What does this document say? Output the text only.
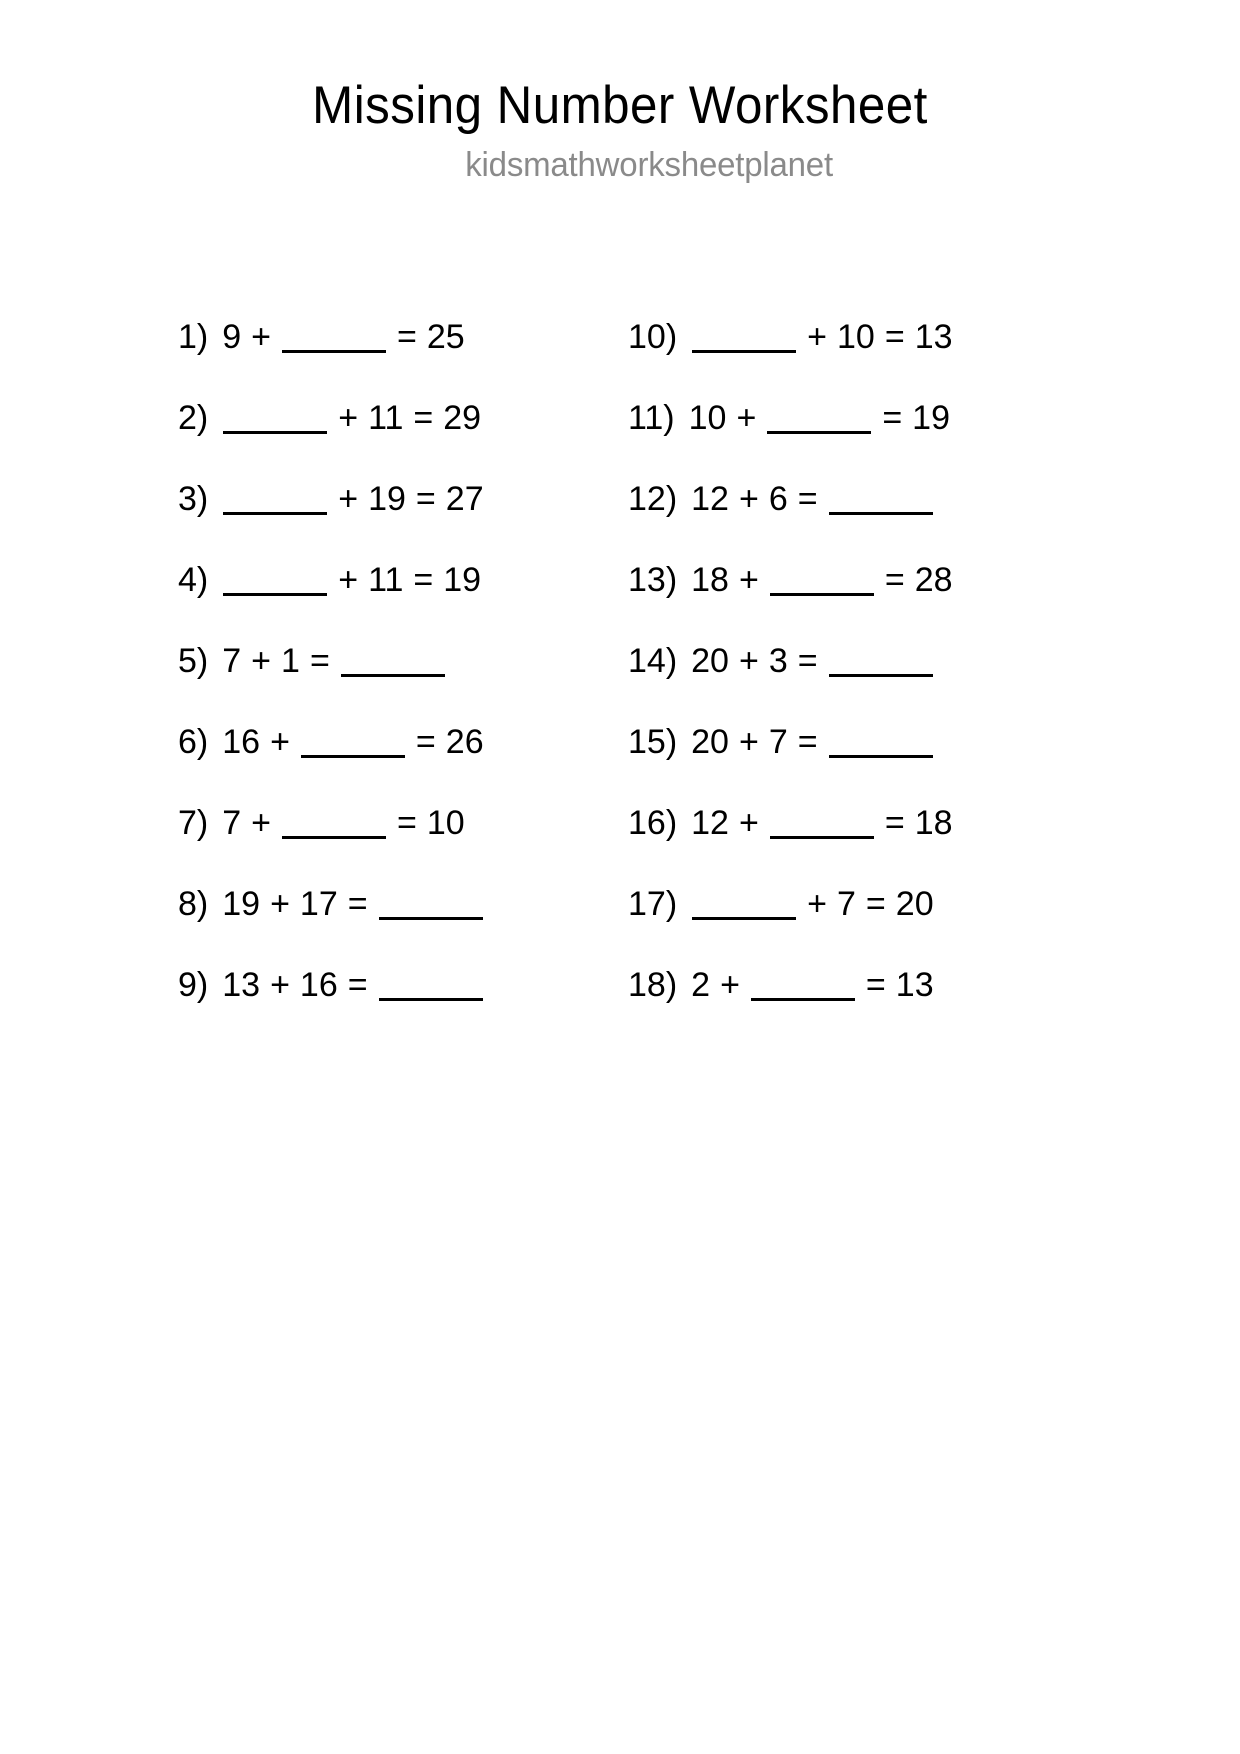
Missing Number Worksheet
kidsmathworksheetplanet
1) 9 +	= 25
2)	+ 11 = 29
3)	+ 19 = 27
4)	+ 11 = 19
5) 7 + 1 =
6) 16 +	= 26
7) 7 +	= 10
8) 19 + 17 =
9) 13 + 16 =
10)	+ 10 = 13
11) 10 +	= 19
12) 12 + 6 =
13) 18 +	= 28
14) 20 + 3 =
15) 20 + 7 =
16) 12 +	= 18
17)	+ 7 = 20
18) 2 +	= 13
